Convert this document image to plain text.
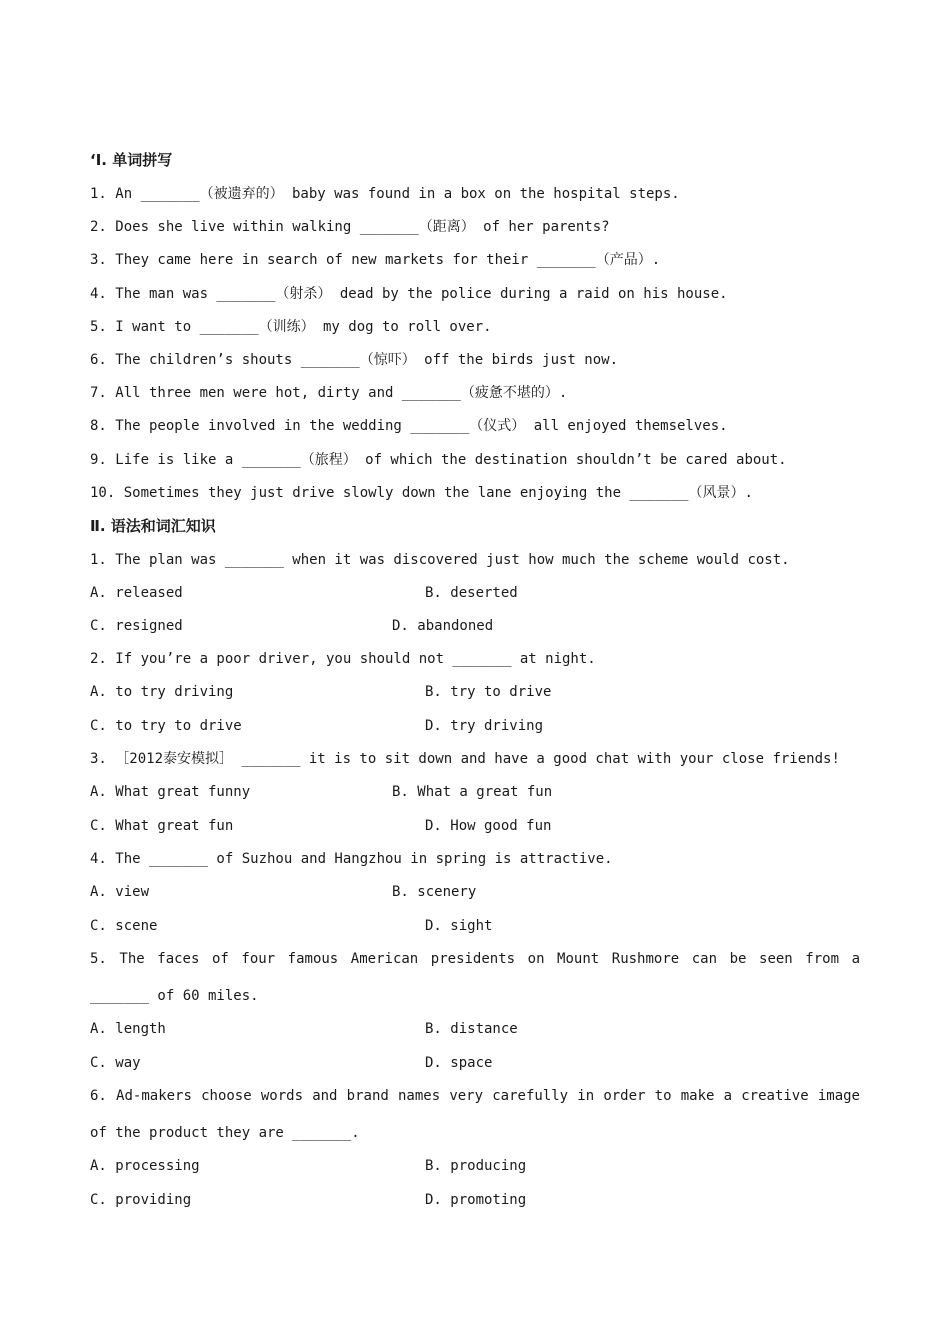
‘Ⅰ. 单词拼写
1. An _______（被遗弃的） baby was found in a box on the hospital steps.
2. Does she live within walking _______（距离） of her parents?
3. They came here in search of new markets for their _______（产品）.
4. The man was _______（射杀） dead by the police during a raid on his house.
5. I want to _______（训练） my dog to roll over.
6. The children’s shouts _______（惊吓） off the birds just now.
7. All three men were hot, dirty and _______（疲惫不堪的）.
8. The people involved in the wedding _______（仪式） all enjoyed themselves.
9. Life is like a _______（旅程） of which the destination shouldn’t be cared about.
10. Sometimes they just drive slowly down the lane enjoying the _______（风景）.
Ⅱ. 语法和词汇知识
1. The plan was _______ when it was discovered just how much the scheme would cost.
A. released	B. deserted
C. resigned	D. abandoned
2. If you’re a poor driver, you should not _______ at night.
A. to try driving	B. try to drive
C. to try to drive	D. try driving
3. ［2012泰安模拟］ _______ it is to sit down and have a good chat with your close friends!
A. What great funny	B. What a great fun
C. What great fun	D. How good fun
4. The _______ of Suzhou and Hangzhou in spring is attractive.
A. view	B. scenery
C. scene	D. sight
5. The faces of four famous American presidents on Mount Rushmore can be seen from a
_______ of 60 miles.
A. length	B. distance
C. way	D. space
6. Ad-makers choose words and brand names very carefully in order to make a creative image
of the product they are _______.
A. processing	B. producing
C. providing	D. promoting
